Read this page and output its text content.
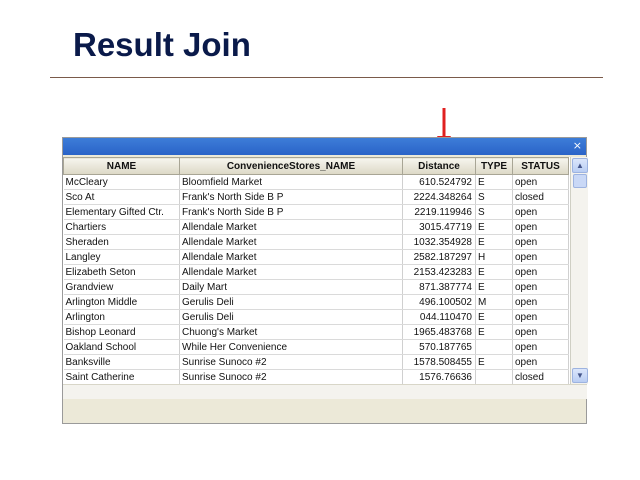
Result Join
×
NAME	ConvenienceStores_NAME	Distance	TYPE	STATUS
McCleary	Bloomfield Market	610.524792	E	open
Sco At	Frank's North Side B P	2224.348264	S	closed
Elementary Gifted Ctr.	Frank's North Side B P	2219.119946	S	open
Chartiers	Allendale Market	3015.47719	E	open
Sheraden	Allendale Market	1032.354928	E	open
Langley	Allendale Market	2582.187297	H	open
Elizabeth Seton	Allendale Market	2153.423283	E	open
Grandview	Daily Mart	871.387774	E	open
Arlington Middle	Gerulis Deli	496.100502	M	open
Arlington	Gerulis Deli	044.110470	E	open
Bishop Leonard	Chuong's Market	1965.483768	E	open
Oakland School	While Her Convenience	570.187765		open
Banksville	Sunrise Sunoco #2	1578.508455	E	open
Saint Catherine	Sunrise Sunoco #2	1576.76636		closed
▲
▼
